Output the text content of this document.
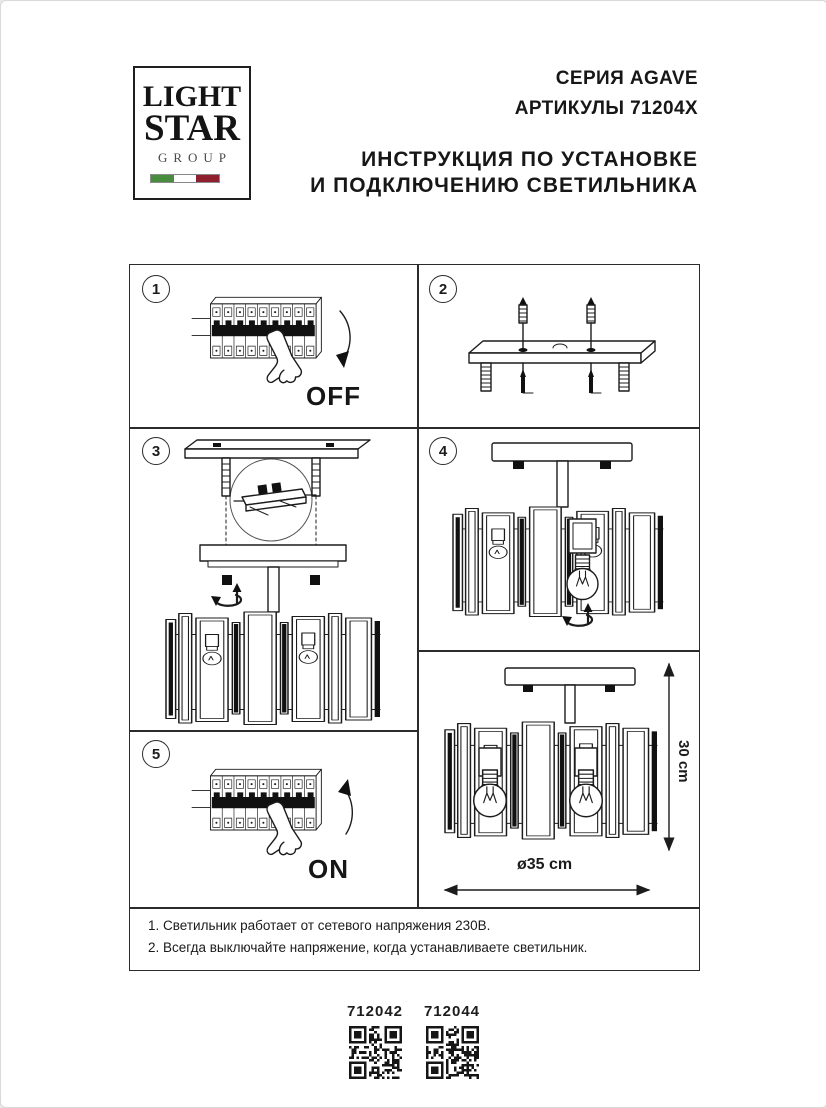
LIGHT
STAR
GROUP
СЕРИЯ AGAVE
АРТИКУЛЫ 71204X
ИНСТРУКЦИЯ ПО УСТАНОВКЕ
И ПОДКЛЮЧЕНИЮ СВЕТИЛЬНИКА
1
OFF
2
3	4
5
ON
30 cm
ø35 cm
1. Светильник работает от сетевого напряжения 230В.
2. Всегда выключайте напряжение, когда устанавливаете светильник.
712042 712044
